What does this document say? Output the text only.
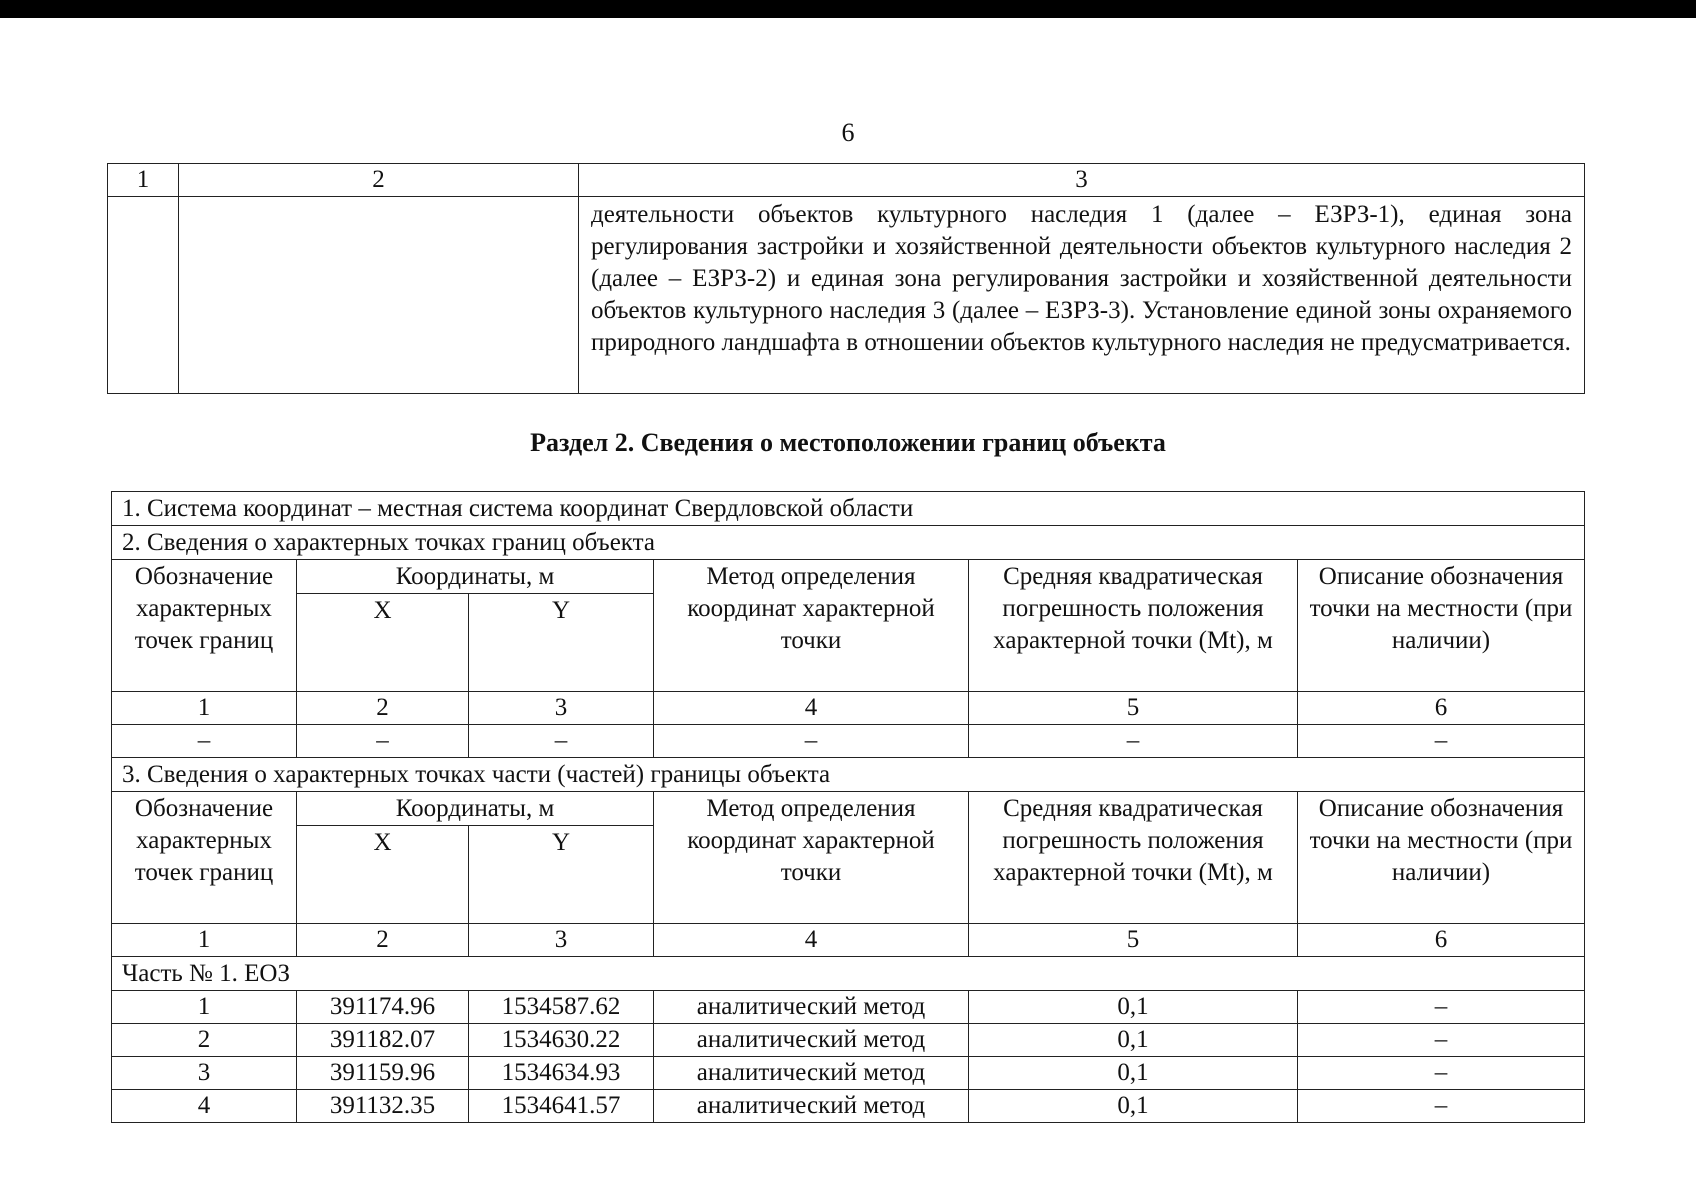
6
1	2	3
		деятельности объектов культурного наследия 1 (далее – ЕЗРЗ-1), единая зона регулирования застройки и хозяйственной деятельности объектов культурного наследия 2 (далее – ЕЗРЗ-2) и единая зона регулирования застройки и хозяйственной деятельности объектов культурного наследия 3 (далее – ЕЗРЗ-3). Установление единой зоны охраняемого природного ландшафта в отношении объектов культурного наследия не предусматривается.
Раздел 2. Сведения о местоположении границ объекта
1. Система координат – местная система координат Свердловской области					
2. Сведения о характерных точках границ объекта					
Обозначение характерных точек границ	Координаты, м		Метод определения координат характерной точки	Средняя квадратическая погрешность положения характерной точки (Mt), м	Описание обозначения точки на местности (при наличии)
	X	Y			
1	2	3	4	5	6
–	–	–	–	–	–
3. Сведения о характерных точках части (частей) границы объекта					
Обозначение характерных точек границ	Координаты, м		Метод определения координат характерной точки	Средняя квадратическая погрешность положения характерной точки (Mt), м	Описание обозначения точки на местности (при наличии)
	X	Y			
1	2	3	4	5	6
Часть № 1. ЕОЗ					
1	391174.96	1534587.62	аналитический метод	0,1	–
2	391182.07	1534630.22	аналитический метод	0,1	–
3	391159.96	1534634.93	аналитический метод	0,1	–
4	391132.35	1534641.57	аналитический метод	0,1	–
